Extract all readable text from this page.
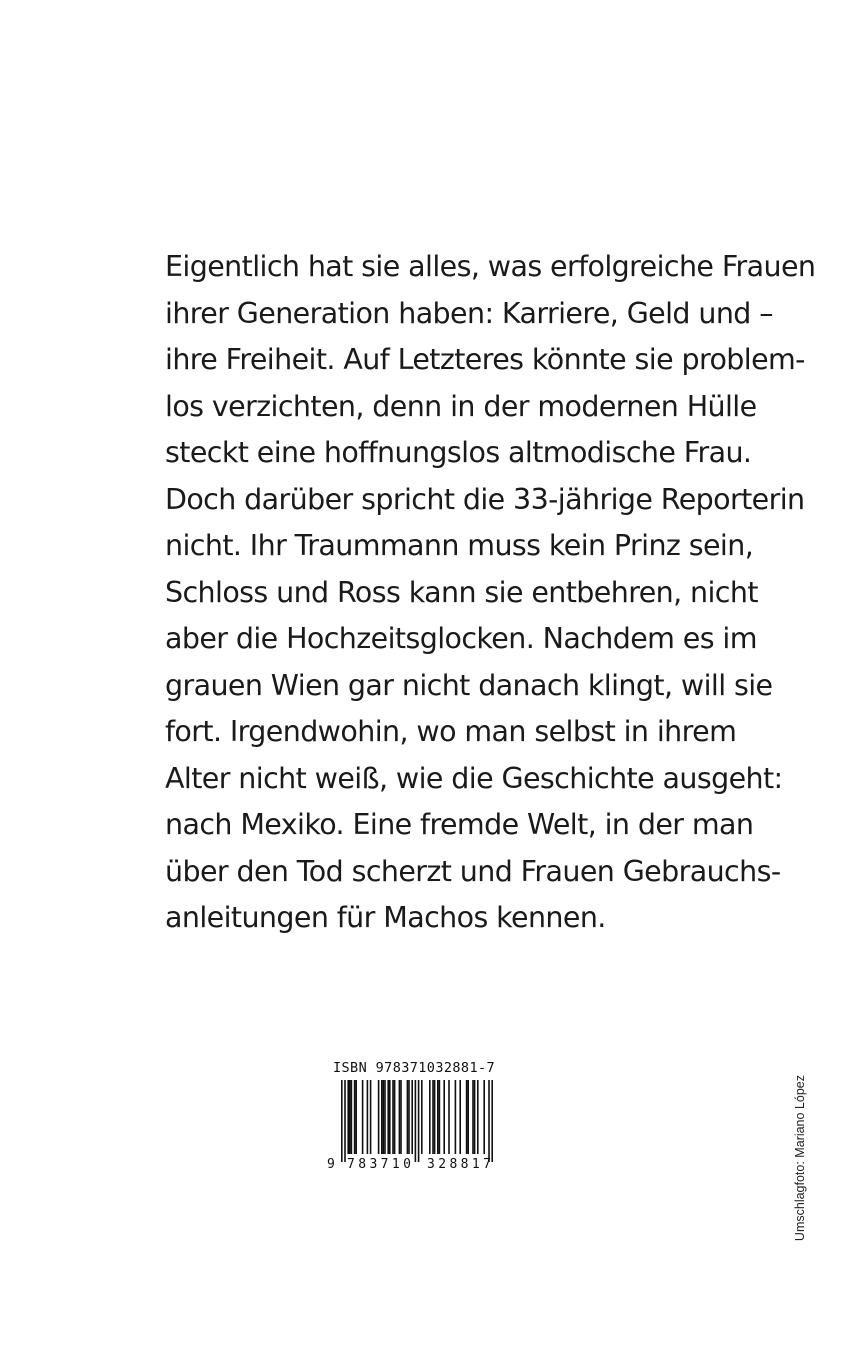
Eigentlich hat sie alles, was erfolgreiche Frauen
ihrer Generation haben: Karriere, Geld und –
ihre Freiheit. Auf Letzteres könnte sie problem-
los verzichten, denn in der modernen Hülle
steckt eine hoffnungslos altmodische Frau.
Doch darüber spricht die 33-jährige Reporterin
nicht. Ihr Traummann muss kein Prinz sein,
Schloss und Ross kann sie entbehren, nicht
aber die Hochzeitsglocken. Nachdem es im
grauen Wien gar nicht danach klingt, will sie
fort. Irgendwohin, wo man selbst in ihrem
Alter nicht weiß, wie die Geschichte ausgeht:
nach Mexiko. Eine fremde Welt, in der man
über den Tod scherzt und Frauen Gebrauchs-
anleitungen für Machos kennen.
ISBN 978371032881-7
9 783710 328817	Umschlagfoto: Mariano López
